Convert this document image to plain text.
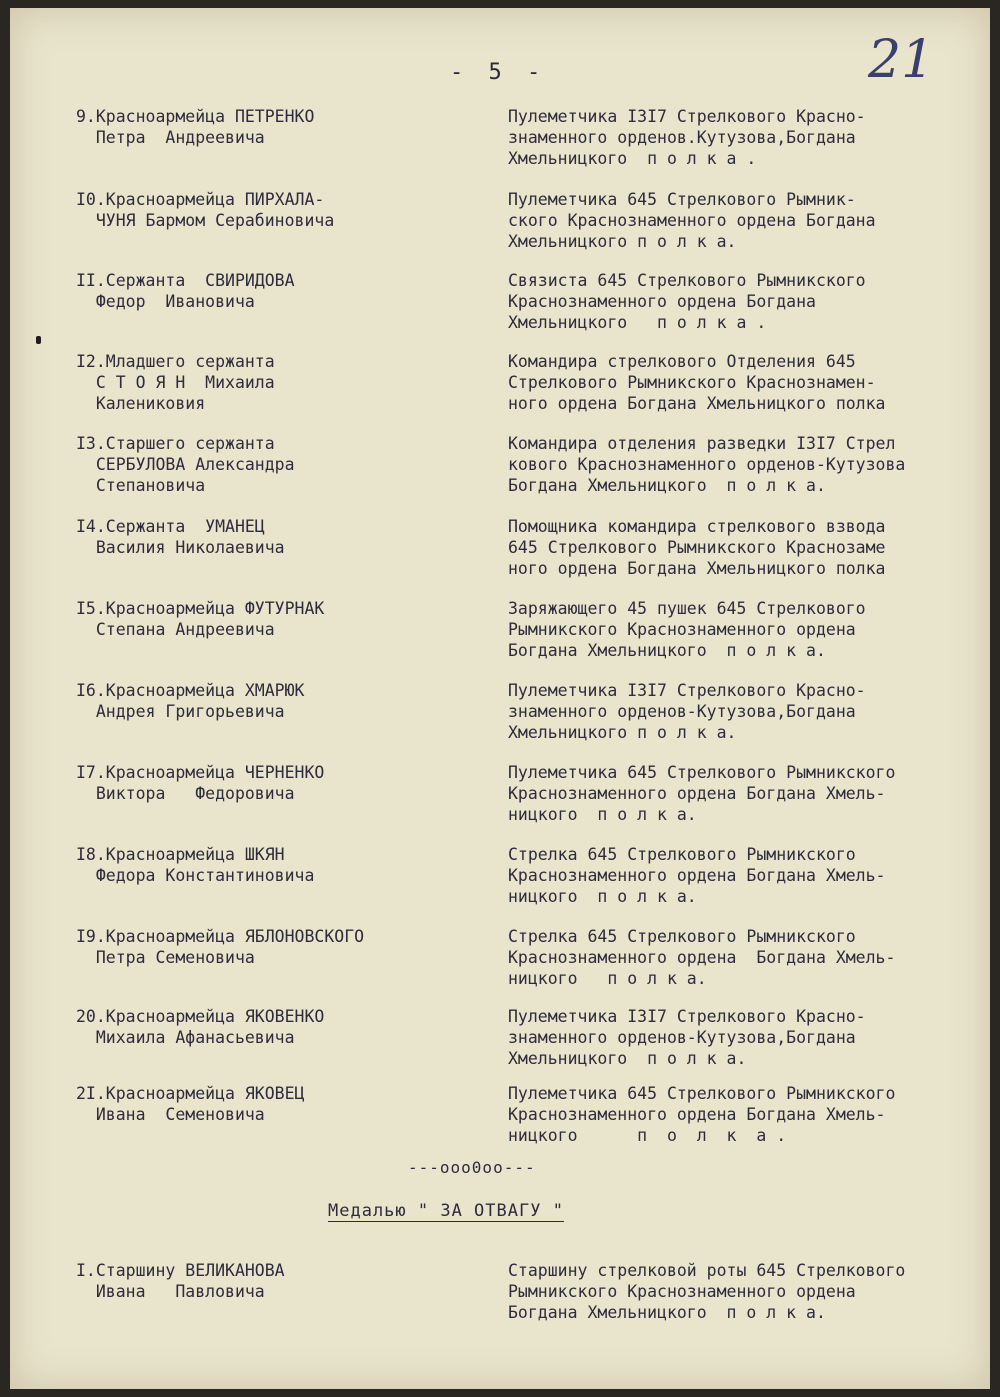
21
- 5 -
9.Красноармейца ПЕТРЕНКО
Петра  Андреевича
Пулеметчика I3I7 Стрелкового Красно-
знаменного орденов.Кутузова,Богдана
Хмельницкого  п о л к а .
I0.Красноармейца ПИРХАЛА-
ЧУНЯ Бармом Серабиновича
Пулеметчика 645 Стрелкового Рымник-
ского Краснознаменного ордена Богдана
Хмельницкого п о л к а.
II.Сержанта  СВИРИДОВА
Федор  Ивановича
Связиста 645 Стрелкового Рымникского
Краснознаменного ордена Богдана
Хмельницкого   п о л к а .
I2.Младшего сержанта
С Т О Я Н  Михаила
Калениковия
Командира стрелкового Отделения 645
Стрелкового Рымникского Краснознамен-
ного ордена Богдана Хмельницкого полка
I3.Старшего сержанта
СЕРБУЛОВА Александра
Степановича
Командира отделения разведки I3I7 Стрел
кового Краснознаменного орденов-Кутузова
Богдана Хмельницкого  п о л к а.
I4.Сержанта  УМАНЕЦ
Василия Николаевича
Помощника командира стрелкового взвода
645 Стрелкового Рымникского Краснозаме
ного ордена Богдана Хмельницкого полка
I5.Красноармейца ФУТУРНАК
Степана Андреевича
Заряжающего 45 пушек 645 Стрелкового
Рымникского Краснознаменного ордена
Богдана Хмельницкого  п о л к а.
I6.Красноармейца ХМАРЮК
Андрея Григорьевича
Пулеметчика I3I7 Стрелкового Красно-
знаменного орденов-Кутузова,Богдана
Хмельницкого п о л к а.
I7.Красноармейца ЧЕРНЕНКО
Виктора   Федоровича
Пулеметчика 645 Стрелкового Рымникского
Краснознаменного ордена Богдана Хмель-
ницкого  п о л к а.
I8.Красноармейца ШКЯН
Федора Константиновича
Стрелка 645 Стрелкового Рымникского
Краснознаменного ордена Богдана Хмель-
ницкого  п о л к а.
I9.Красноармейца ЯБЛОНОВСКОГО
Петра Семеновича
Стрелка 645 Стрелкового Рымникского
Краснознаменного ордена  Богдана Хмель-
ницкого   п о л к а.
20.Красноармейца ЯКОВЕНКО
Михаила Афанасьевича
Пулеметчика I3I7 Стрелкового Красно-
знаменного орденов-Кутузова,Богдана
Хмельницкого  п о л к а.
2I.Красноармейца ЯКОВЕЦ
Ивана  Семеновича
Пулеметчика 645 Стрелкового Рымникского
Краснознаменного ордена Богдана Хмель-
ницкого      п  о  л  к  а .
---ооо0оо---
Медалью " ЗА ОТВАГУ "
I.Старшину ВЕЛИКАНОВА
Ивана   Павловича
Старшину стрелковой роты 645 Стрелкового
Рымникского Краснознаменного ордена
Богдана Хмельницкого  п о л к а.
